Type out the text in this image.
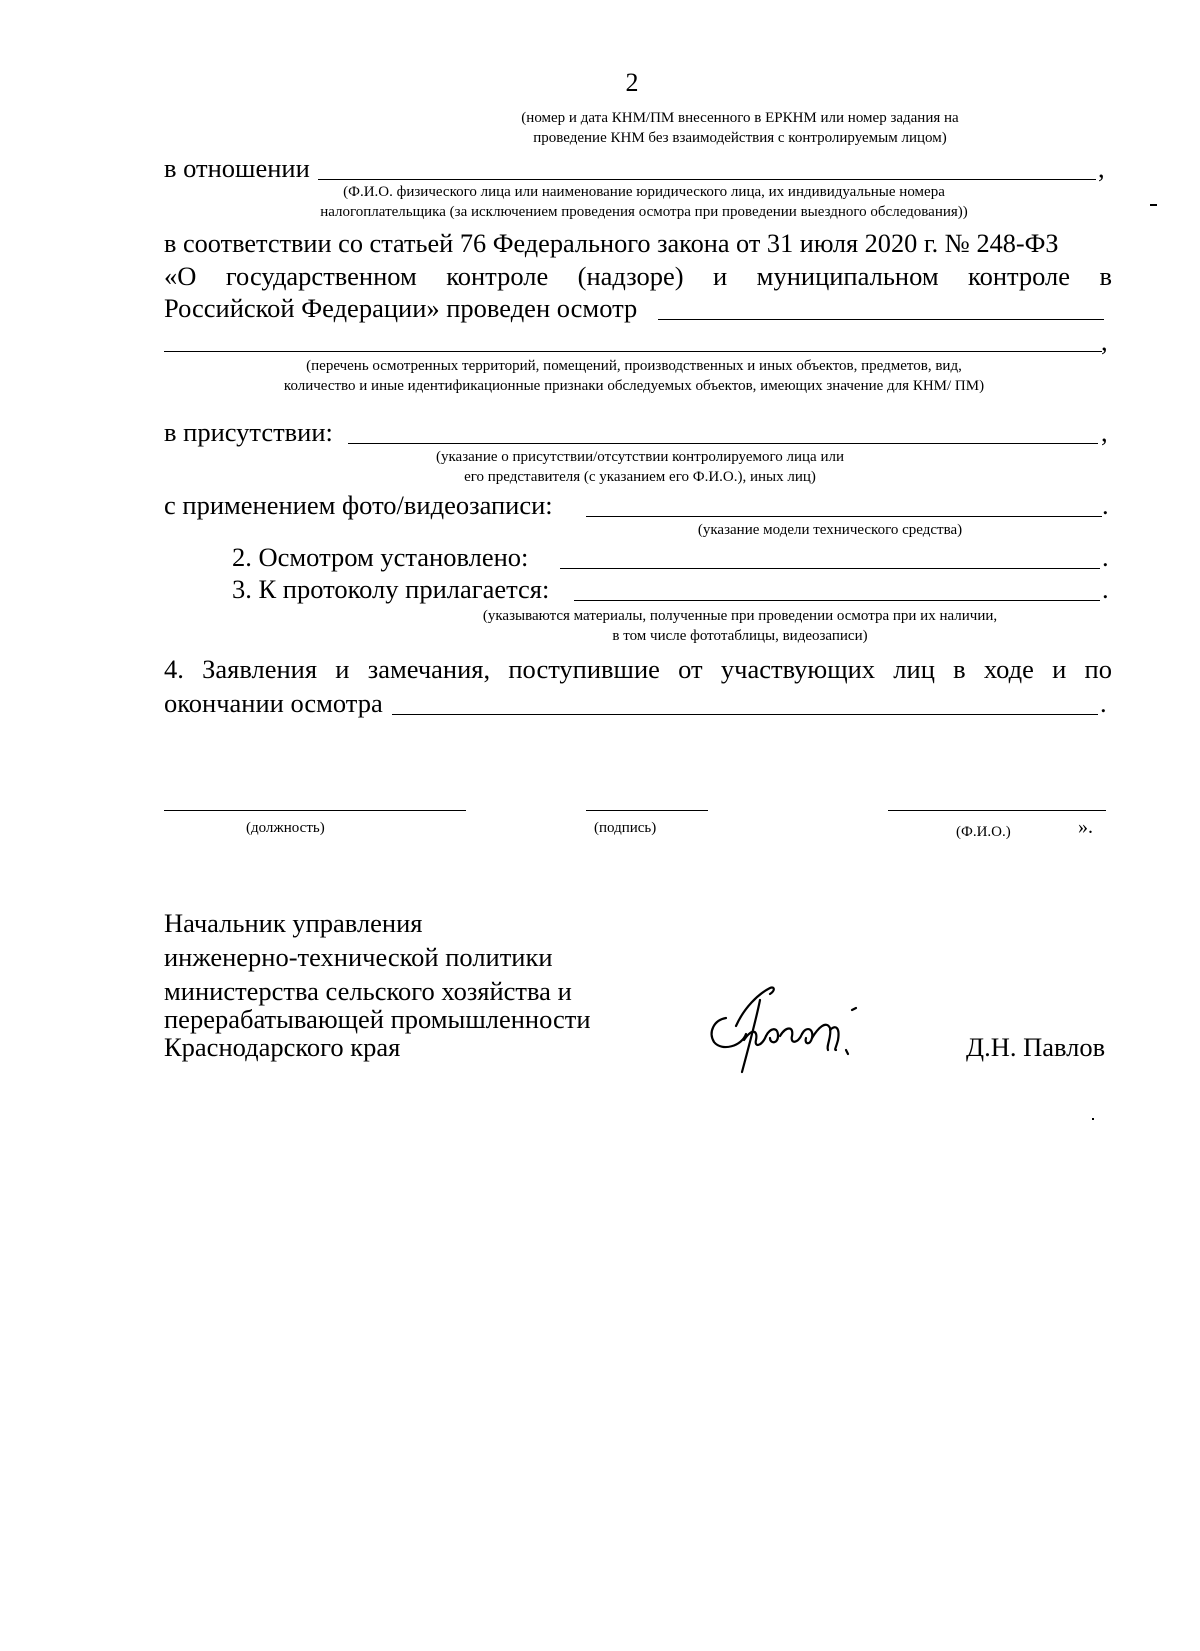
2
(номер и дата КНМ/ПМ внесенного в ЕРКНМ или номер задания на
проведение КНМ без взаимодействия с контролируемым лицом)
в отношении	,
(Ф.И.О. физического лица или наименование юридического лица, их индивидуальные номера
налогоплательщика (за исключением проведения осмотра при проведении выездного обследования))
в соответствии со статьей 76 Федерального закона от 31 июля 2020 г. № 248-ФЗ
«О государственном контроле (надзоре) и муниципальном контроле в
Российской Федерации» проведен осмотр
,
(перечень осмотренных территорий, помещений, производственных и иных объектов, предметов, вид,
количество и иные идентификационные признаки обследуемых объектов, имеющих значение для КНМ/ ПМ)
в присутствии:	,
(указание о присутствии/отсутствии контролируемого лица или
его представителя (с указанием его Ф.И.О.), иных лиц)
с применением фото/видеозаписи:	.
(указание модели технического средства)
2. Осмотром установлено:	.
3. К протоколу прилагается:	.
(указываются материалы, полученные при проведении осмотра при их наличии,
в том числе фототаблицы, видеозаписи)
4. Заявления и замечания, поступившие от участвующих лиц в ходе и по
окончании осмотра	.
(должность)	(подпись)	(Ф.И.О.)	».
Начальник управления
инженерно-технической политики
министерства сельского хозяйства и
перерабатывающей промышленности
Краснодарского края	Д.Н. Павлов
